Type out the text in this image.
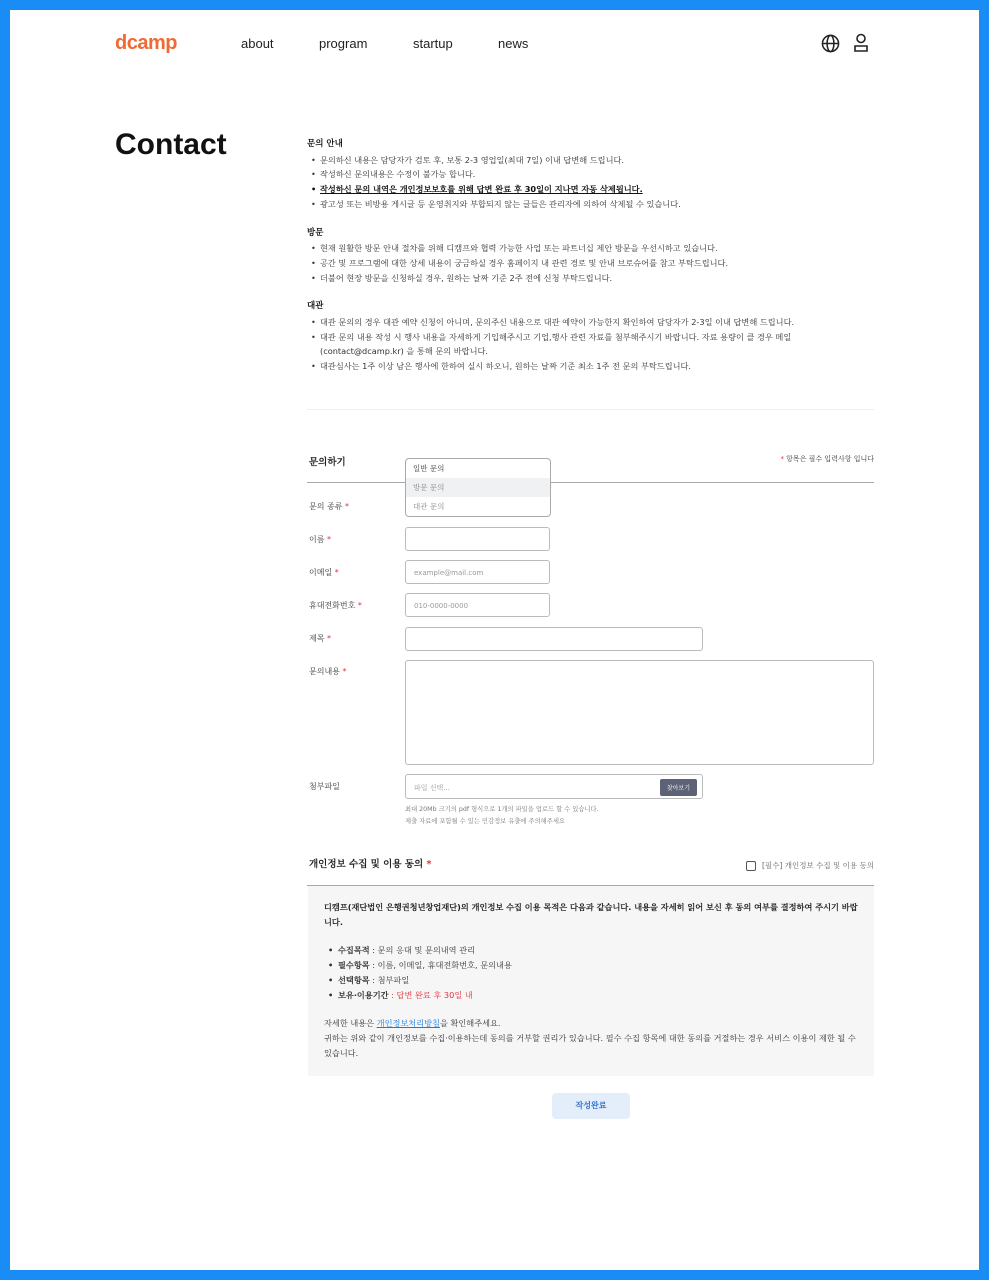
dcamp	about	program	startup	news
Contact	문의 안내
• 문의하신 내용은 담당자가 검토 후, 보통 2-3 영업일(최대 7일) 이내 답변해 드립니다.
• 작성하신 문의내용은 수정이 불가능 합니다.
• 작성하신 문의 내역은 개인정보보호를 위해 답변 완료 후 30일이 지나면 자동 삭제됩니다.
• 광고성 또는 비방용 게시글 등 운영취지와 부합되지 않는 글들은 관리자에 의하여 삭제될 수 있습니다.
방문
• 현재 원활한 방문 안내 절차를 위해 디캠프와 협력 가능한 사업 또는 파트너십 제안 방문을 우선시하고 있습니다.
• 공간 및 프로그램에 대한 상세 내용이 궁금하실 경우 홈페이지 내 관련 경로 및 안내 브로슈어를 참고 부탁드립니다.
• 더불어 현장 방문을 신청하실 경우, 원하는 날짜 기준 2주 전에 신청 부탁드립니다.
대관
• 대관 문의의 경우 대관 예약 신청이 아니며, 문의주신 내용으로 대관 예약이 가능한지 확인하여 담당자가 2-3일 이내 답변해 드립니다.
• 대관 문의 내용 작성 시 행사 내용을 자세하게 기입해주시고 기업,행사 관련 자료를 첨부해주시기 바랍니다. 자료 용량이 클 경우 메일 (contact@dcamp.kr) 을 통해 문의 바랍니다.
• 대관심사는 1주 이상 남은 행사에 한하여 실시 하오니, 원하는 날짜 기준 최소 1주 전 문의 부탁드립니다.
문의하기	* 항목은 필수 입력사항 입니다
일반 문의
방문 문의
대관 문의
문의 종류 *
이름 *
이메일 *	example@mail.com
휴대전화번호 *	010-0000-0000
제목 *
문의내용 *
첨부파일	파일 선택...	찾아보기
최대 20Mb 크기의 pdf 형식으로 1개의 파일을 업로드 할 수 있습니다.
제출 자료에 포함될 수 있는 민감정보 유출에 주의해주세요
개인정보 수집 및 이용 동의 *	[필수] 개인정보 수집 및 이용 동의
디캠프(재단법인 은행권청년창업재단)의 개인정보 수집 이용 목적은 다음과 같습니다. 내용을 자세히 읽어 보신 후 동의 여부를 결정하여 주시기 바랍니다.
• 수집목적 : 문의 응대 및 문의내역 관리
• 필수항목 : 이름, 이메일, 휴대전화번호, 문의내용
• 선택항목 : 첨부파일
• 보유·이용기간 : 답변 완료 후 30일 내
자세한 내용은 개인정보처리방침을 확인해주세요.
귀하는 위와 같이 개인정보를 수집·이용하는데 동의를 거부할 권리가 있습니다. 필수 수집 항목에 대한 동의를 거절하는 경우 서비스 이용이 제한 될 수 있습니다.
작성완료
